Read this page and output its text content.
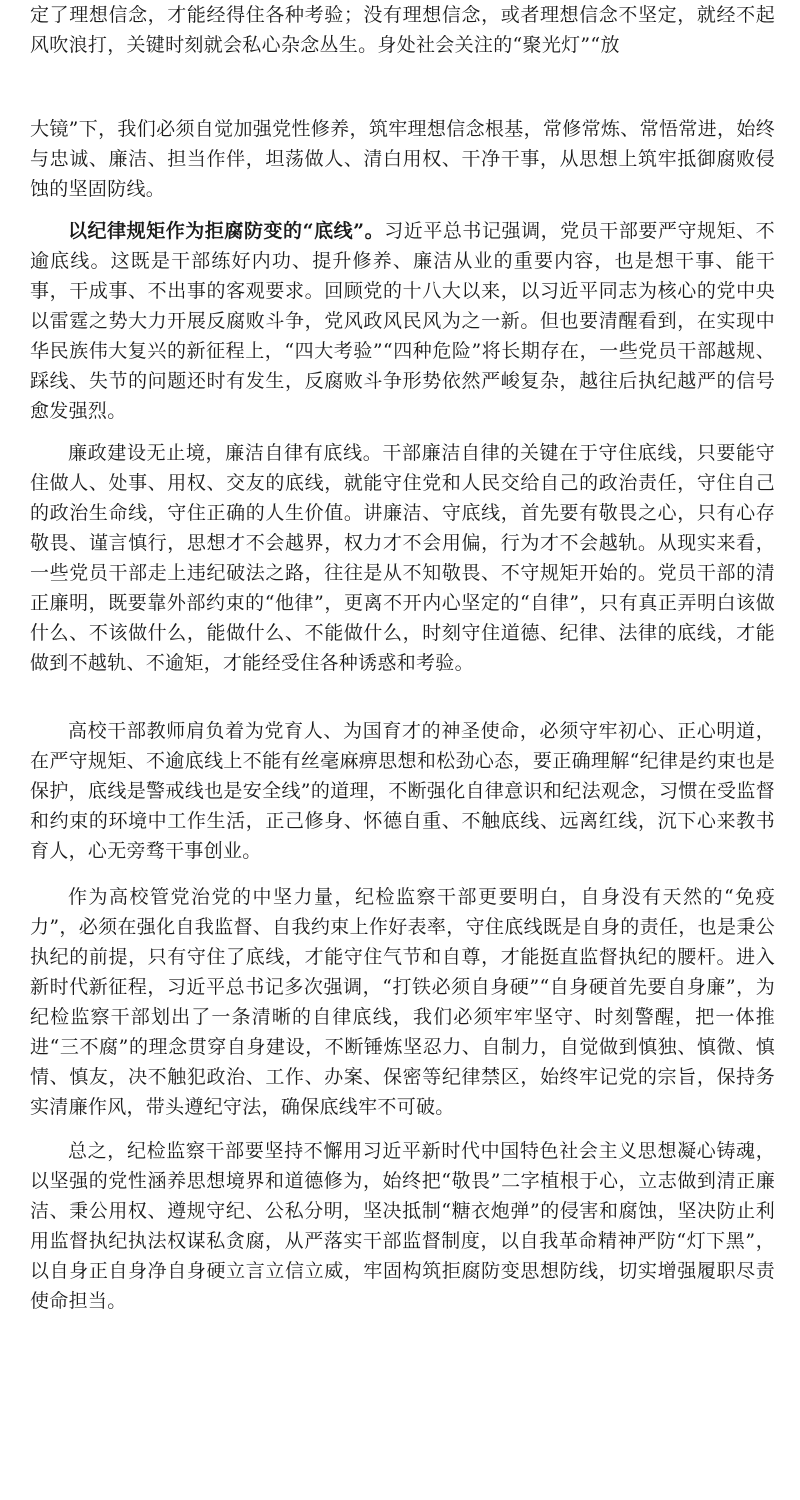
定了理想信念，才能经得住各种考验；没有理想信念，或者理想信念不坚定，就经不起风吹浪打，关键时刻就会私心杂念丛生。身处社会关注的“聚光灯”“放

大镜”下，我们必须自觉加强党性修养，筑牢理想信念根基，常修常炼、常悟常进，始终与忠诚、廉洁、担当作伴，坦荡做人、清白用权、干净干事，从思想上筑牢抵御腐败侵蚀的坚固防线。

以纪律规矩作为拒腐防变的“底线”。习近平总书记强调，党员干部要严守规矩、不逾底线。这既是干部练好内功、提升修养、廉洁从业的重要内容，也是想干事、能干事，干成事、不出事的客观要求。回顾党的十八大以来，以习近平同志为核心的党中央以雷霆之势大力开展反腐败斗争，党风政风民风为之一新。但也要清醒看到，在实现中华民族伟大复兴的新征程上，“四大考验”“四种危险”将长期存在，一些党员干部越规、踩线、失节的问题还时有发生，反腐败斗争形势依然严峻复杂，越往后执纪越严的信号愈发强烈。

廉政建设无止境，廉洁自律有底线。干部廉洁自律的关键在于守住底线，只要能守住做人、处事、用权、交友的底线，就能守住党和人民交给自己的政治责任，守住自己的政治生命线，守住正确的人生价值。讲廉洁、守底线，首先要有敬畏之心，只有心存敬畏、谨言慎行，思想才不会越界，权力才不会用偏，行为才不会越轨。从现实来看，一些党员干部走上违纪破法之路，往往是从不知敬畏、不守规矩开始的。党员干部的清正廉明，既要靠外部约束的“他律”，更离不开内心坚定的“自律”，只有真正弄明白该做什么、不该做什么，能做什么、不能做什么，时刻守住道德、纪律、法律的底线，才能做到不越轨、不逾矩，才能经受住各种诱惑和考验。

高校干部教师肩负着为党育人、为国育才的神圣使命，必须守牢初心、正心明道，在严守规矩、不逾底线上不能有丝毫麻痹思想和松劲心态，要正确理解“纪律是约束也是保护，底线是警戒线也是安全线”的道理，不断强化自律意识和纪法观念，习惯在受监督和约束的环境中工作生活，正己修身、怀德自重、不触底线、远离红线，沉下心来教书育人，心无旁骛干事创业。

作为高校管党治党的中坚力量，纪检监察干部更要明白，自身没有天然的“免疫力”，必须在强化自我监督、自我约束上作好表率，守住底线既是自身的责任，也是秉公执纪的前提，只有守住了底线，才能守住气节和自尊，才能挺直监督执纪的腰杆。进入新时代新征程，习近平总书记多次强调，“打铁必须自身硬”“自身硬首先要自身廉”，为纪检监察干部划出了一条清晰的自律底线，我们必须牢牢坚守、时刻警醒，把一体推进“三不腐”的理念贯穿自身建设，不断锤炼坚忍力、自制力，自觉做到慎独、慎微、慎情、慎友，决不触犯政治、工作、办案、保密等纪律禁区，始终牢记党的宗旨，保持务实清廉作风，带头遵纪守法，确保底线牢不可破。

总之，纪检监察干部要坚持不懈用习近平新时代中国特色社会主义思想凝心铸魂，以坚强的党性涵养思想境界和道德修为，始终把“敬畏”二字植根于心，立志做到清正廉洁、秉公用权、遵规守纪、公私分明，坚决抵制“糖衣炮弹”的侵害和腐蚀，坚决防止利用监督执纪执法权谋私贪腐，从严落实干部监督制度，以自我革命精神严防“灯下黑”，以自身正自身净自身硬立言立信立威，牢固构筑拒腐防变思想防线，切实增强履职尽责使命担当。
